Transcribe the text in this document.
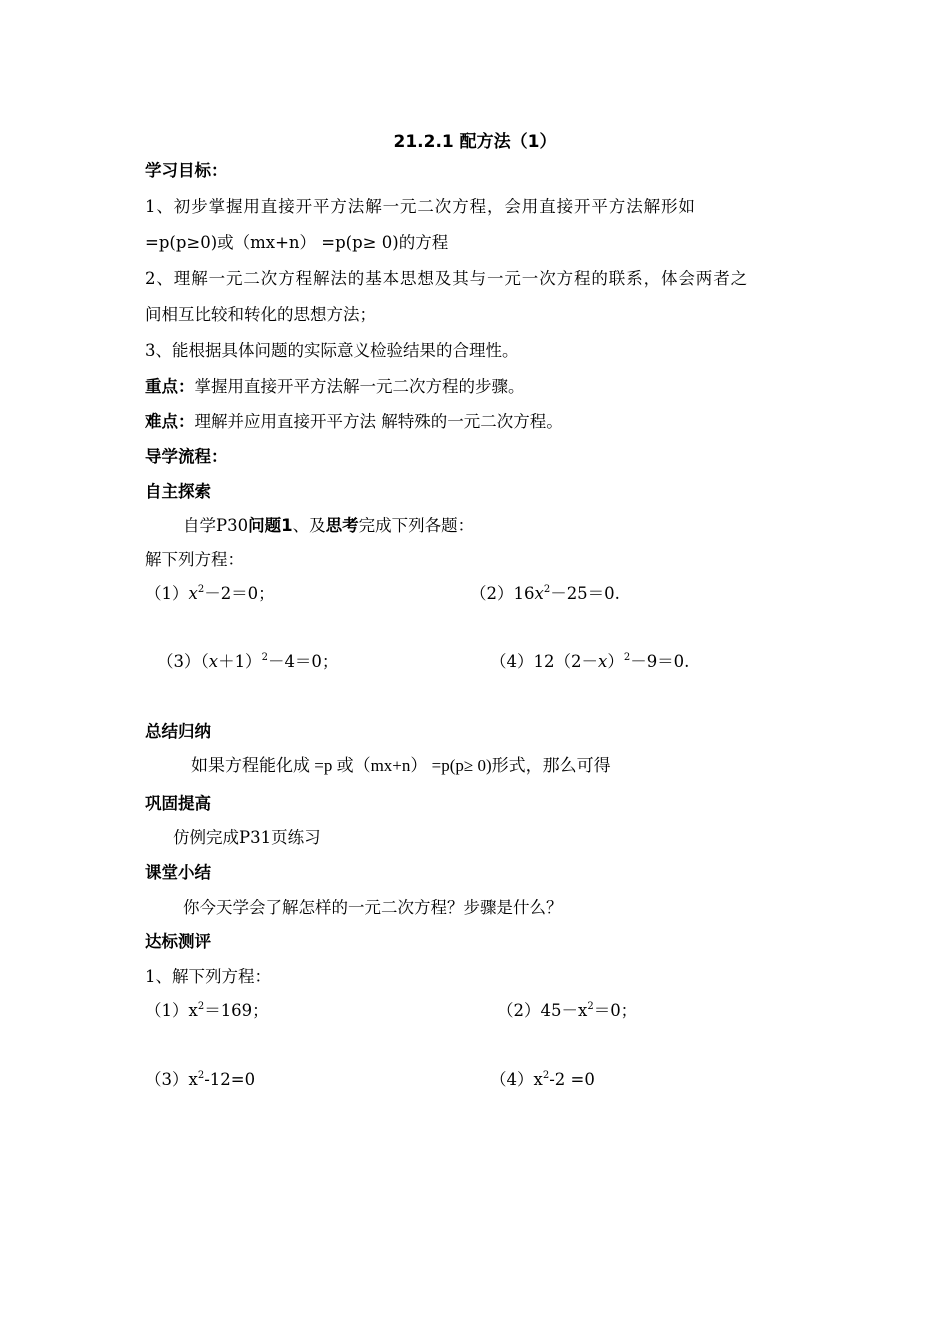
21.2.1 配方法（1）
学习目标：
1、初步掌握用直接开平方法解一元二次方程，会用直接开平方法解形如
=p(p≥0)或（mx+n） =p(p≥ 0)的方程
2、理解一元二次方程解法的基本思想及其与一元一次方程的联系，体会两者之
间相互比较和转化的思想方法；
3、能根据具体问题的实际意义检验结果的合理性。
重点：掌握用直接开平方法解一元二次方程的步骤。
难点：理解并应用直接开平方法 解特殊的一元二次方程。
导学流程：
自主探索
自学P30问题1、及思考完成下列各题：
解下列方程：
$(1)x^2-2=0$；	$(2)16x^2-25=0$.
$(3)(x+1)^2-4=0$；	$(4)12(2-x)^2-9=0$.
总结归纳
如果方程能化成 =p 或（mx+n） =p(p≥ 0)形式，那么可得
巩固提高
仿例完成P31页练习
课堂小结
你今天学会了解怎样的一元二次方程？步骤是什么？
达标测评
1、解下列方程：
$(1)x^2=169$；	$(2)45-x^2=0$；
$(3)x^2-12=0$	$(4)x^2-2 =0$
